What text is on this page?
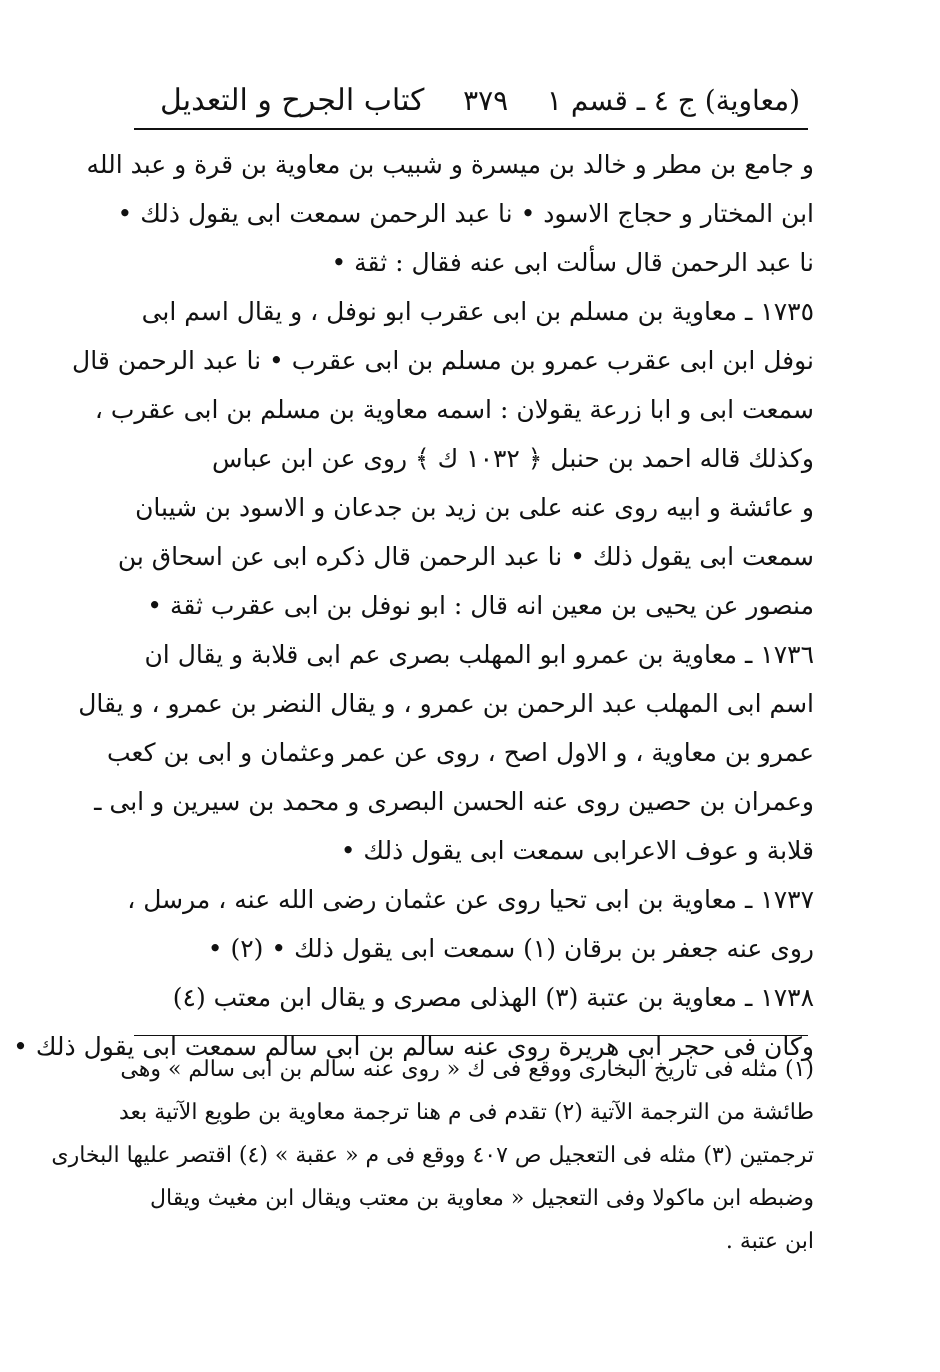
كتاب الجرح و التعديل ٣٧٩ (معاوية) ج ٤ ـ قسم ١
و جامع بن مطر و خالد بن ميسرة و شبيب بن معاوية بن قرة و عبد الله
ابن المختار و حجاج الاسود • نا عبد الرحمن سمعت ابى يقول ذلك •
نا عبد الرحمن قال سألت ابى عنه فقال : ثقة •
١٧٣٥ ـ معاوية بن مسلم بن ابى عقرب ابو نوفل ، و يقال اسم ابى
نوفل ابن ابى عقرب عمرو بن مسلم بن ابى عقرب • نا عبد الرحمن قال
سمعت ابى و ابا زرعة يقولان : اسمه معاوية بن مسلم بن ابى عقرب ،
وكذلك قاله احمد بن حنبل ﴿ ١٠٣٢ ك ﴾ روى عن ابن عباس
و عائشة و ابيه روى عنه على بن زيد بن جدعان و الاسود بن شيبان
سمعت ابى يقول ذلك • نا عبد الرحمن قال ذكره ابى عن اسحاق بن
منصور عن يحيى بن معين انه قال : ابو نوفل بن ابى عقرب ثقة •
١٧٣٦ ـ معاوية بن عمرو ابو المهلب بصرى عم ابى قلابة و يقال ان
اسم ابى المهلب عبد الرحمن بن عمرو ، و يقال النضر بن عمرو ، و يقال
عمرو بن معاوية ، و الاول اصح ، روى عن عمر وعثمان و ابى بن كعب
وعمران بن حصين روى عنه الحسن البصرى و محمد بن سيرين و ابى ـ
قلابة و عوف الاعرابى سمعت ابى يقول ذلك •
١٧٣٧ ـ معاوية بن ابى تحيا روى عن عثمان رضى الله عنه ، مرسل ،
روى عنه جعفر بن برقان (١) سمعت ابى يقول ذلك • (٢) •
١٧٣٨ ـ معاوية بن عتبة (٣) الهذلى مصرى و يقال ابن معتب (٤)
وكان فى حجر ابى هريرة روى عنه سالم بن ابى سالم سمعت ابى يقول ذلك •
(١) مثله فى تاريخ البخارى ووقع فى ك « روى عنه سالم بن ابى سالم » وهى
طائشة من الترجمة الآتية (٢) تقدم فى م هنا ترجمة معاوية بن طويع الآتية بعد
ترجمتين (٣) مثله فى التعجيل ص ٤٠٧ ووقع فى م « عقبة » (٤) اقتصر عليها البخارى
وضبطه ابن ماكولا وفى التعجيل « معاوية بن معتب ويقال ابن مغيث ويقال
ابن عتبة .
